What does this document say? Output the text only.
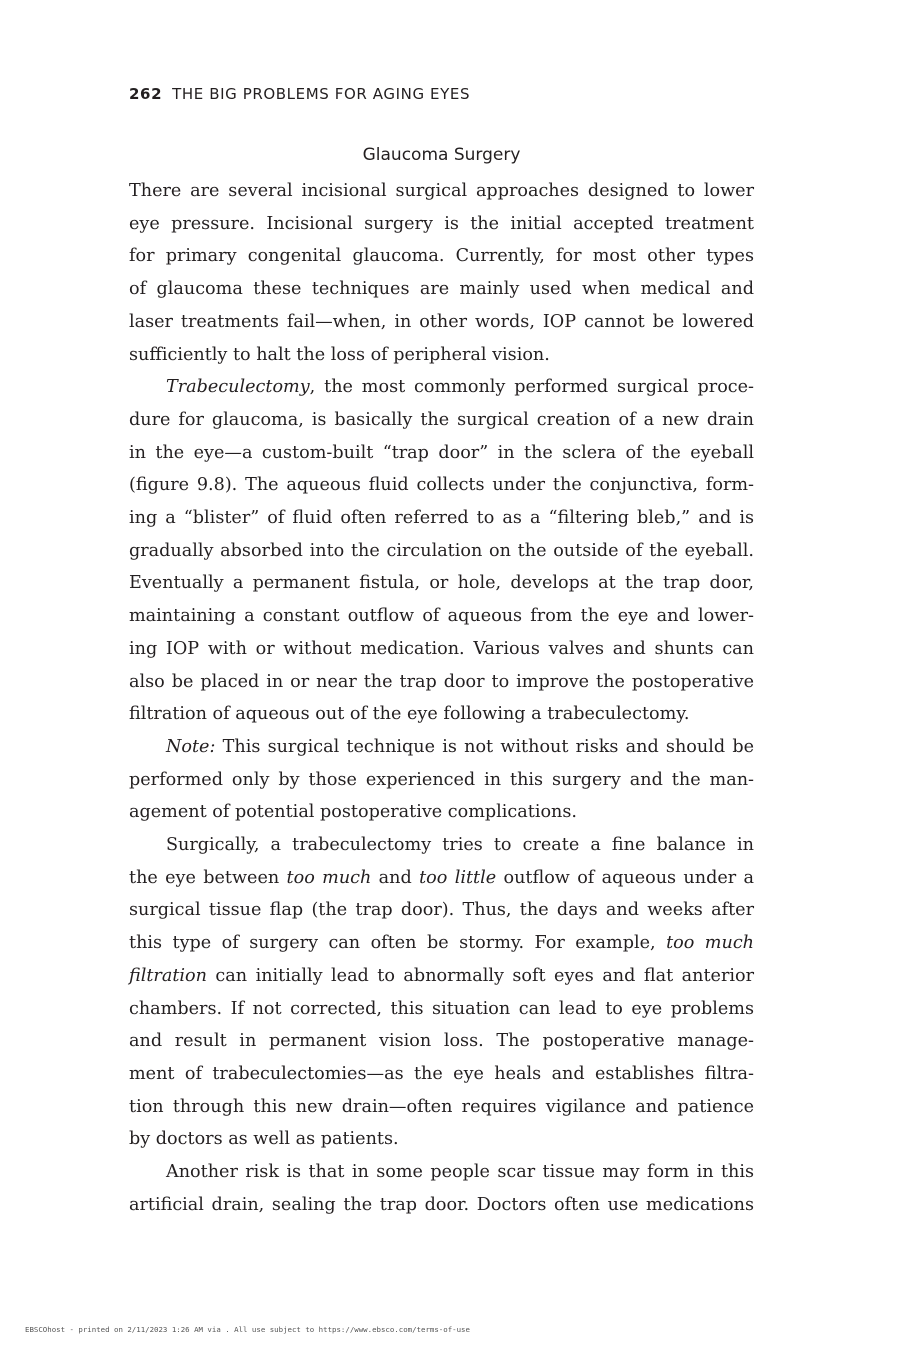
262 THE BIG PROBLEMS FOR AGING EYES
Glaucoma Surgery
There are several incisional surgical approaches designed to lower
eye pressure. Incisional surgery is the initial accepted treatment
for primary congenital glaucoma. Currently, for most other types
of glaucoma these techniques are mainly used when medical and
laser treatments fail—when, in other words, IOP cannot be lowered
sufficiently to halt the loss of peripheral vision.
Trabeculectomy, the most commonly performed surgical proce-
dure for glaucoma, is basically the surgical creation of a new drain
in the eye—a custom-built “trap door” in the sclera of the eyeball
(figure 9.8). The aqueous fluid collects under the conjunctiva, form-
ing a “blister” of fluid often referred to as a “filtering bleb,” and is
gradually absorbed into the circulation on the outside of the eyeball.
Eventually a permanent fistula, or hole, develops at the trap door,
maintaining a constant outflow of aqueous from the eye and lower-
ing IOP with or without medication. Various valves and shunts can
also be placed in or near the trap door to improve the postoperative
filtration of aqueous out of the eye following a trabeculectomy.
Note: This surgical technique is not without risks and should be
performed only by those experienced in this surgery and the man-
agement of potential postoperative complications.
Surgically, a trabeculectomy tries to create a fine balance in
the eye between too much and too little outflow of aqueous under a
surgical tissue flap (the trap door). Thus, the days and weeks after
this type of surgery can often be stormy. For example, too much
filtration can initially lead to abnormally soft eyes and flat anterior
chambers. If not corrected, this situation can lead to eye problems
and result in permanent vision loss. The postoperative manage-
ment of trabeculectomies—as the eye heals and establishes filtra-
tion through this new drain—often requires vigilance and patience
by doctors as well as patients.
Another risk is that in some people scar tissue may form in this
artificial drain, sealing the trap door. Doctors often use medications
EBSCOhost - printed on 2/11/2023 1:26 AM via . All use subject to https://www.ebsco.com/terms-of-use
